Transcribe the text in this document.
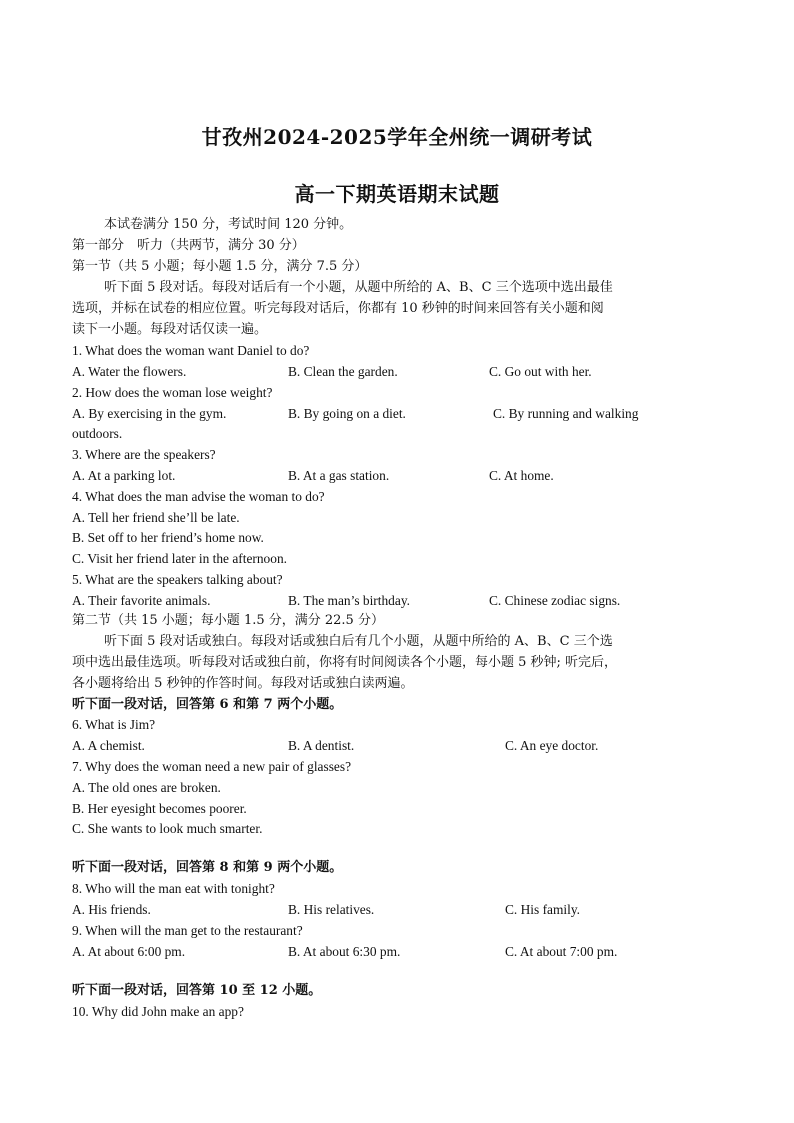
甘孜州2024-2025学年全州统一调研考试
高一下期英语期末试题
本试卷满分 150 分，考试时间 120 分钟。
第一部分　听力（共两节，满分 30 分）
第一节（共 5 小题；每小题 1.5 分，满分 7.5 分）
听下面 5 段对话。每段对话后有一个小题，从题中所给的 A、B、C 三个选项中选出最佳
选项，并标在试卷的相应位置。听完每段对话后，你都有 10 秒钟的时间来回答有关小题和阅
读下一小题。每段对话仅读一遍。
1. What does the woman want Daniel to do?
A. Water the flowers.	B. Clean the garden.	C. Go out with her.
2. How does the woman lose weight?
A. By exercising in the gym.	B. By going on a diet.	C. By running and walking
outdoors.
3. Where are the speakers?
A. At a parking lot.	B. At a gas station.	C. At home.
4. What does the man advise the woman to do?
A. Tell her friend she’ll be late.
B. Set off to her friend’s home now.
C. Visit her friend later in the afternoon.
5. What are the speakers talking about?
A. Their favorite animals.	B. The man’s birthday.	C. Chinese zodiac signs.
第二节（共 15 小题；每小题 1.5 分，满分 22.5 分）
听下面 5 段对话或独白。每段对话或独白后有几个小题，从题中所给的 A、B、C 三个选
项中选出最佳选项。听每段对话或独白前，你将有时间阅读各个小题，每小题 5 秒钟; 听完后，
各小题将给出 5 秒钟的作答时间。每段对话或独白读两遍。
听下面一段对话，回答第 6 和第 7 两个小题。
6. What is Jim?
A. A chemist.	B. A dentist.	C. An eye doctor.
7. Why does the woman need a new pair of glasses?
A. The old ones are broken.
B. Her eyesight becomes poorer.
C. She wants to look much smarter.
听下面一段对话，回答第 8 和第 9 两个小题。
8. Who will the man eat with tonight?
A. His friends.	B. His relatives.	C. His family.
9. When will the man get to the restaurant?
A. At about 6:00 pm.	B. At about 6:30 pm.	C. At about 7:00 pm.
听下面一段对话，回答第 10 至 12 小题。
10. Why did John make an app?
